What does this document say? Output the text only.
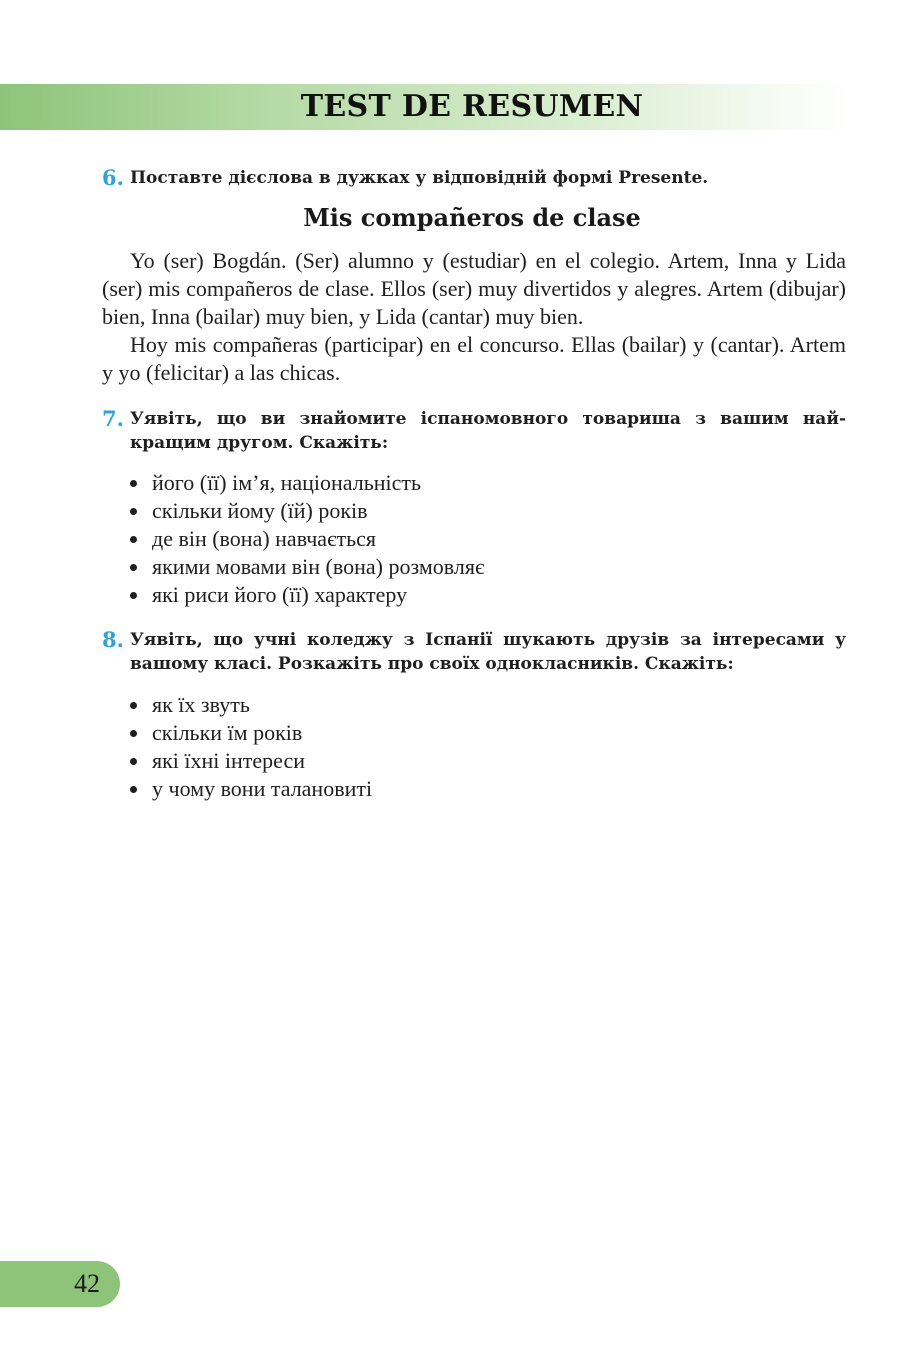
TEST DE RESUMEN
6. Поставте дієслова в дужках у відповідній формі Presente.
Mis compañeros de clase

Yo (ser) Bogdán. (Ser) alumno y (estudiar) en el colegio. Artem, Inna y Lida (ser) mis compañeros de clase. Ellos (ser) muy divertidos y alegres. Artem (dibujar) bien, Inna (bailar) muy bien, y Lida (cantar) muy bien.

Hoy mis compañeras (participar) en el concurso. Ellas (bailar) y (cantar). Artem y yo (felicitar) a las chicas.

7. Уявіть, що ви знайомите іспаномовного товариша з вашим найкращим другом. Скажіть:
його (її) ім’я, національність
скільки йому (їй) років
де він (вона) навчається
якими мовами він (вона) розмовляє
які риси його (її) характеру
8. Уявіть, що учні коледжу з Іспанії шукають друзів за інтересами у вашому класі. Розкажіть про своїх однокласників. Скажіть:
як їх звуть
скільки їм років
які їхні інтереси
у чому вони талановиті
42
